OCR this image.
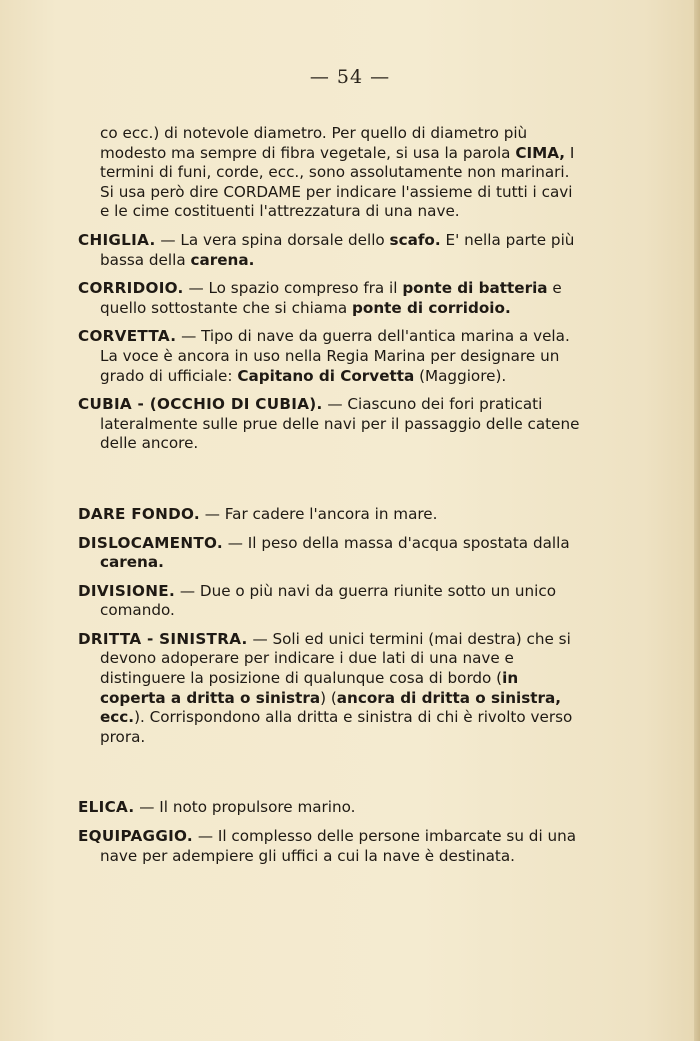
— 54 —

co ecc.) di notevole diametro. Per quello di diametro più modesto ma sempre di fibra vegetale, si usa la parola CIMA, I termini di funi, corde, ecc., sono assolutamente non marinari.

Si usa però dire CORDAME per indicare l'assieme di tutti i cavi e le cime costituenti l'attrezzatura di una nave.

CHIGLIA. — La vera spina dorsale dello scafo. E' nella parte più bassa della carena.
CORRIDOIO. — Lo spazio compreso fra il ponte di batteria e quello sottostante che si chiama ponte di corridoio.
CORVETTA. — Tipo di nave da guerra dell'antica marina a vela. La voce è ancora in uso nella Regia Marina per designare un grado di ufficiale: Capitano di Corvetta (Maggiore).
CUBIA - (OCCHIO DI CUBIA). — Ciascuno dei fori praticati lateralmente sulle prue delle navi per il passaggio delle catene delle ancore.
DARE FONDO. — Far cadere l'ancora in mare.
DISLOCAMENTO. — Il peso della massa d'acqua spostata dalla carena.
DIVISIONE. — Due o più navi da guerra riunite sotto un unico comando.
DRITTA - SINISTRA. — Soli ed unici termini (mai destra) che si devono adoperare per indicare i due lati di una nave e distinguere la posizione di qualunque cosa di bordo (in coperta a dritta o sinistra) (ancora di dritta o sinistra, ecc.). Corrispondono alla dritta e sinistra di chi è rivolto verso prora.
ELICA. — Il noto propulsore marino.
EQUIPAGGIO. — Il complesso delle persone imbarcate su di una nave per adempiere gli uffici a cui la nave è destinata.
